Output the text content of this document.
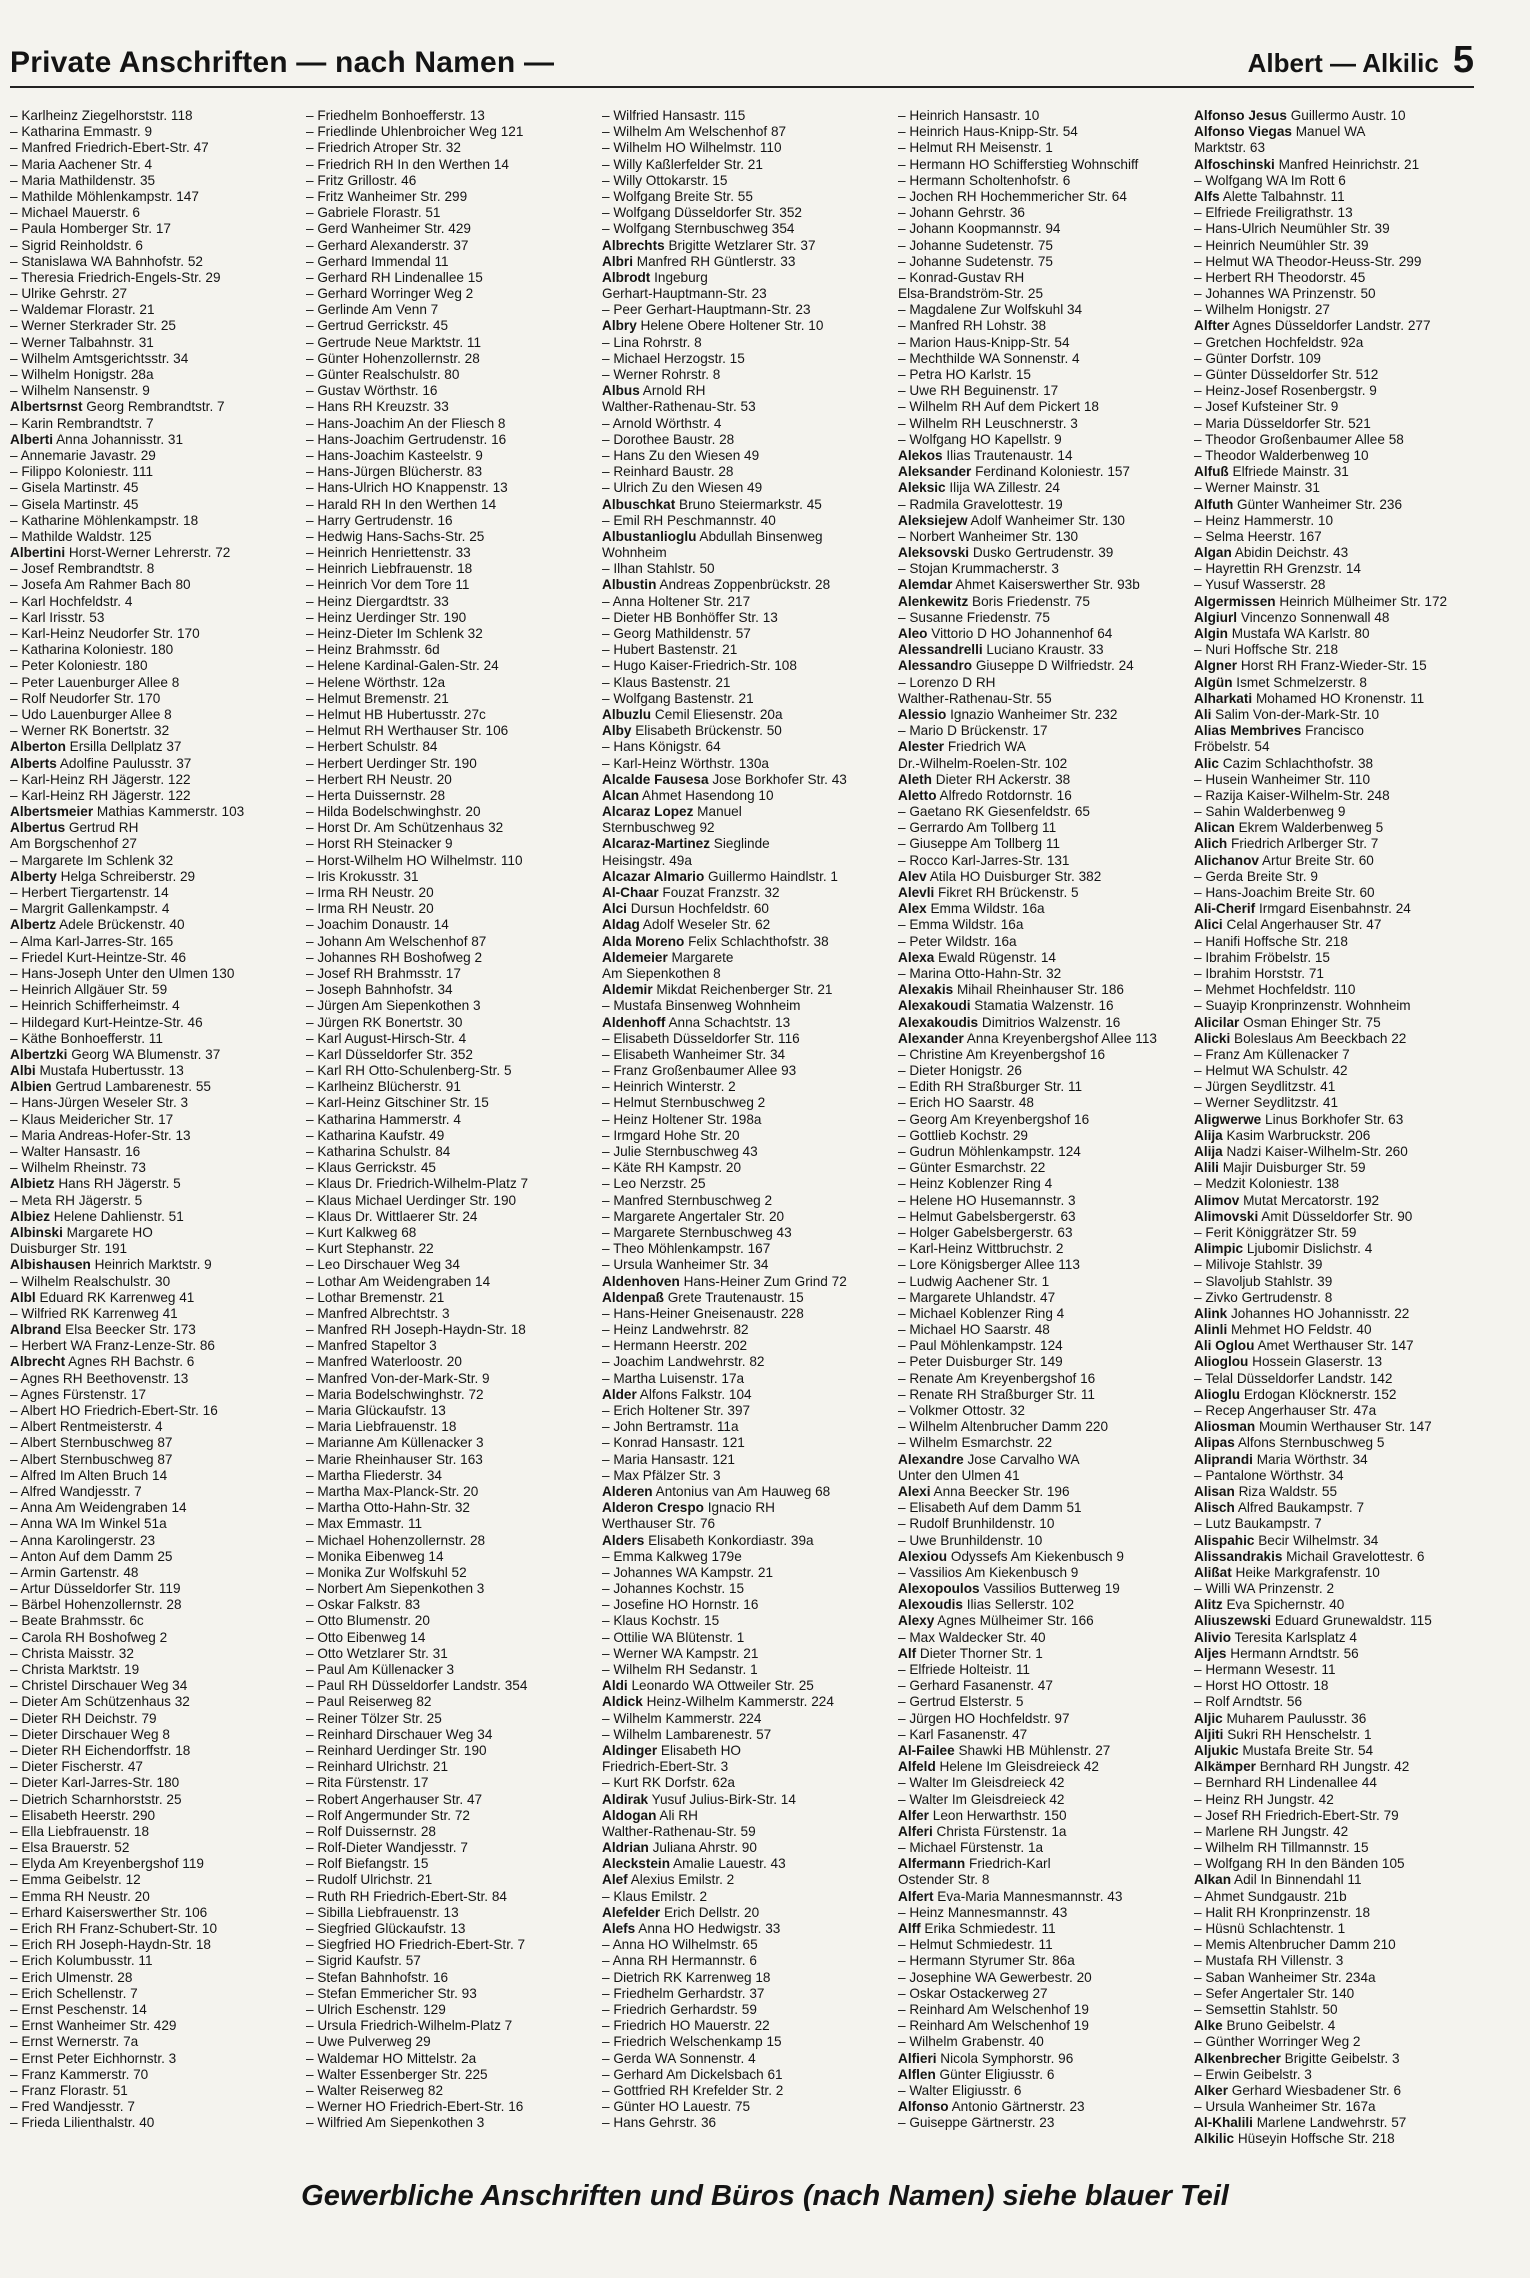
Private Anschriften — nach Namen —	Albert — Alkilic 5
– Karlheinz Ziegelhorststr. 118
– Katharina Emmastr. 9
– Manfred Friedrich-Ebert-Str. 47
– Maria Aachener Str. 4
– Maria Mathildenstr. 35
– Mathilde Möhlenkampstr. 147
– Michael Mauerstr. 6
– Paula Homberger Str. 17
– Sigrid Reinholdstr. 6
– Stanislawa WA Bahnhofstr. 52
– Theresia Friedrich-Engels-Str. 29
– Ulrike Gehrstr. 27
– Waldemar Florastr. 21
– Werner Sterkrader Str. 25
– Werner Talbahnstr. 31
– Wilhelm Amtsgerichtsstr. 34
– Wilhelm Honigstr. 28a
– Wilhelm Nansenstr. 9
Albertsrnst Georg Rembrandtstr. 7
– Karin Rembrandtstr. 7
Alberti Anna Johannisstr. 31
– Annemarie Javastr. 29
– Filippo Koloniestr. 111
– Gisela Martinstr. 45
– Gisela Martinstr. 45
– Katharine Möhlenkampstr. 18
– Mathilde Waldstr. 125
Albertini Horst-Werner Lehrerstr. 72
– Josef Rembrandtstr. 8
– Josefa Am Rahmer Bach 80
– Karl Hochfeldstr. 4
– Karl Irisstr. 53
– Karl-Heinz Neudorfer Str. 170
– Katharina Koloniestr. 180
– Peter Koloniestr. 180
– Peter Lauenburger Allee 8
– Rolf Neudorfer Str. 170
– Udo Lauenburger Allee 8
– Werner RK Bonertstr. 32
Alberton Ersilla Dellplatz 37
Alberts Adolfine Paulusstr. 37
– Karl-Heinz RH Jägerstr. 122
– Karl-Heinz RH Jägerstr. 122
Albertsmeier Mathias Kammerstr. 103
Albertus Gertrud RH
Am Borgschenhof 27
– Margarete Im Schlenk 32
Alberty Helga Schreiberstr. 29
– Herbert Tiergartenstr. 14
– Margrit Gallenkampstr. 4
Albertz Adele Brückenstr. 40
– Alma Karl-Jarres-Str. 165
– Friedel Kurt-Heintze-Str. 46
– Hans-Joseph Unter den Ulmen 130
– Heinrich Allgäuer Str. 59
– Heinrich Schifferheimstr. 4
– Hildegard Kurt-Heintze-Str. 46
– Käthe Bonhoefferstr. 11
Albertzki Georg WA Blumenstr. 37
Albi Mustafa Hubertusstr. 13
Albien Gertrud Lambarenestr. 55
– Hans-Jürgen Weseler Str. 3
– Klaus Meidericher Str. 17
– Maria Andreas-Hofer-Str. 13
– Walter Hansastr. 16
– Wilhelm Rheinstr. 73
Albietz Hans RH Jägerstr. 5
– Meta RH Jägerstr. 5
Albiez Helene Dahlienstr. 51
Albinski Margarete HO
Duisburger Str. 191
Albishausen Heinrich Marktstr. 9
– Wilhelm Realschulstr. 30
Albl Eduard RK Karrenweg 41
– Wilfried RK Karrenweg 41
Albrand Elsa Beecker Str. 173
– Herbert WA Franz-Lenze-Str. 86
Albrecht Agnes RH Bachstr. 6
– Agnes RH Beethovenstr. 13
– Agnes Fürstenstr. 17
– Albert HO Friedrich-Ebert-Str. 16
– Albert Rentmeisterstr. 4
– Albert Sternbuschweg 87
– Albert Sternbuschweg 87
– Alfred Im Alten Bruch 14
– Alfred Wandjesstr. 7
– Anna Am Weidengraben 14
– Anna WA Im Winkel 51a
– Anna Karolingerstr. 23
– Anton Auf dem Damm 25
– Armin Gartenstr. 48
– Artur Düsseldorfer Str. 119
– Bärbel Hohenzollernstr. 28
– Beate Brahmsstr. 6c
– Carola RH Boshofweg 2
– Christa Maisstr. 32
– Christa Marktstr. 19
– Christel Dirschauer Weg 34
– Dieter Am Schützenhaus 32
– Dieter RH Deichstr. 79
– Dieter Dirschauer Weg 8
– Dieter RH Eichendorffstr. 18
– Dieter Fischerstr. 47
– Dieter Karl-Jarres-Str. 180
– Dietrich Scharnhorststr. 25
– Elisabeth Heerstr. 290
– Ella Liebfrauenstr. 18
– Elsa Brauerstr. 52
– Elyda Am Kreyenbergshof 119
– Emma Geibelstr. 12
– Emma RH Neustr. 20
– Erhard Kaiserswerther Str. 106
– Erich RH Franz-Schubert-Str. 10
– Erich RH Joseph-Haydn-Str. 18
– Erich Kolumbusstr. 11
– Erich Ulmenstr. 28
– Erich Schellenstr. 7
– Ernst Peschenstr. 14
– Ernst Wanheimer Str. 429
– Ernst Wernerstr. 7a
– Ernst Peter Eichhornstr. 3
– Franz Kammerstr. 70
– Franz Florastr. 51
– Fred Wandjesstr. 7
– Frieda Lilienthalstr. 40
– Friedhelm Bonhoefferstr. 13
– Friedlinde Uhlenbroicher Weg 121
– Friedrich Atroper Str. 32
– Friedrich RH In den Werthen 14
– Fritz Grillostr. 46
– Fritz Wanheimer Str. 299
– Gabriele Florastr. 51
– Gerd Wanheimer Str. 429
– Gerhard Alexanderstr. 37
– Gerhard Immendal 11
– Gerhard RH Lindenallee 15
– Gerhard Worringer Weg 2
– Gerlinde Am Venn 7
– Gertrud Gerrickstr. 45
– Gertrude Neue Marktstr. 11
– Günter Hohenzollernstr. 28
– Günter Realschulstr. 80
– Gustav Wörthstr. 16
– Hans RH Kreuzstr. 33
– Hans-Joachim An der Fliesch 8
– Hans-Joachim Gertrudenstr. 16
– Hans-Joachim Kasteelstr. 9
– Hans-Jürgen Blücherstr. 83
– Hans-Ulrich HO Knappenstr. 13
– Harald RH In den Werthen 14
– Harry Gertrudenstr. 16
– Hedwig Hans-Sachs-Str. 25
– Heinrich Henriettenstr. 33
– Heinrich Liebfrauenstr. 18
– Heinrich Vor dem Tore 11
– Heinz Diergardtstr. 33
– Heinz Uerdinger Str. 190
– Heinz-Dieter Im Schlenk 32
– Heinz Brahmsstr. 6d
– Helene Kardinal-Galen-Str. 24
– Helene Wörthstr. 12a
– Helmut Bremenstr. 21
– Helmut HB Hubertusstr. 27c
– Helmut RH Werthauser Str. 106
– Herbert Schulstr. 84
– Herbert Uerdinger Str. 190
– Herbert RH Neustr. 20
– Herta Duissernstr. 28
– Hilda Bodelschwinghstr. 20
– Horst Dr. Am Schützenhaus 32
– Horst RH Steinacker 9
– Horst-Wilhelm HO Wilhelmstr. 110
– Iris Krokusstr. 31
– Irma RH Neustr. 20
– Irma RH Neustr. 20
– Joachim Donaustr. 14
– Johann Am Welschenhof 87
– Johannes RH Boshofweg 2
– Josef RH Brahmsstr. 17
– Joseph Bahnhofstr. 34
– Jürgen Am Siepenkothen 3
– Jürgen RK Bonertstr. 30
– Karl August-Hirsch-Str. 4
– Karl Düsseldorfer Str. 352
– Karl RH Otto-Schulenberg-Str. 5
– Karlheinz Blücherstr. 91
– Karl-Heinz Gitschiner Str. 15
– Katharina Hammerstr. 4
– Katharina Kaufstr. 49
– Katharina Schulstr. 84
– Klaus Gerrickstr. 45
– Klaus Dr. Friedrich-Wilhelm-Platz 7
– Klaus Michael Uerdinger Str. 190
– Klaus Dr. Wittlaerer Str. 24
– Kurt Kalkweg 68
– Kurt Stephanstr. 22
– Leo Dirschauer Weg 34
– Lothar Am Weidengraben 14
– Lothar Bremenstr. 21
– Manfred Albrechtstr. 3
– Manfred RH Joseph-Haydn-Str. 18
– Manfred Stapeltor 3
– Manfred Waterloostr. 20
– Manfred Von-der-Mark-Str. 9
– Maria Bodelschwinghstr. 72
– Maria Glückaufstr. 13
– Maria Liebfrauenstr. 18
– Marianne Am Küllenacker 3
– Marie Rheinhauser Str. 163
– Martha Fliederstr. 34
– Martha Max-Planck-Str. 20
– Martha Otto-Hahn-Str. 32
– Max Emmastr. 11
– Michael Hohenzollernstr. 28
– Monika Eibenweg 14
– Monika Zur Wolfskuhl 52
– Norbert Am Siepenkothen 3
– Oskar Falkstr. 83
– Otto Blumenstr. 20
– Otto Eibenweg 14
– Otto Wetzlarer Str. 31
– Paul Am Küllenacker 3
– Paul RH Düsseldorfer Landstr. 354
– Paul Reiserweg 82
– Reiner Tölzer Str. 25
– Reinhard Dirschauer Weg 34
– Reinhard Uerdinger Str. 190
– Reinhard Ulrichstr. 21
– Rita Fürstenstr. 17
– Robert Angerhauser Str. 47
– Rolf Angermunder Str. 72
– Rolf Duissernstr. 28
– Rolf-Dieter Wandjesstr. 7
– Rolf Biefangstr. 15
– Rudolf Ulrichstr. 21
– Ruth RH Friedrich-Ebert-Str. 84
– Sibilla Liebfrauenstr. 13
– Siegfried Glückaufstr. 13
– Siegfried HO Friedrich-Ebert-Str. 7
– Sigrid Kaufstr. 57
– Stefan Bahnhofstr. 16
– Stefan Emmericher Str. 93
– Ulrich Eschenstr. 129
– Ursula Friedrich-Wilhelm-Platz 7
– Uwe Pulverweg 29
– Waldemar HO Mittelstr. 2a
– Walter Essenberger Str. 225
– Walter Reiserweg 82
– Werner HO Friedrich-Ebert-Str. 16
– Wilfried Am Siepenkothen 3
– Wilfried Hansastr. 115
– Wilhelm Am Welschenhof 87
– Wilhelm HO Wilhelmstr. 110
– Willy Kaßlerfelder Str. 21
– Willy Ottokarstr. 15
– Wolfgang Breite Str. 55
– Wolfgang Düsseldorfer Str. 352
– Wolfgang Sternbuschweg 354
Albrechts Brigitte Wetzlarer Str. 37
Albri Manfred RH Güntlerstr. 33
Albrodt Ingeburg
Gerhart-Hauptmann-Str. 23
– Peer Gerhart-Hauptmann-Str. 23
Albry Helene Obere Holtener Str. 10
– Lina Rohrstr. 8
– Michael Herzogstr. 15
– Werner Rohrstr. 8
Albus Arnold RH
Walther-Rathenau-Str. 53
– Arnold Wörthstr. 4
– Dorothee Baustr. 28
– Hans Zu den Wiesen 49
– Reinhard Baustr. 28
– Ulrich Zu den Wiesen 49
Albuschkat Bruno Steiermarkstr. 45
– Emil RH Peschmannstr. 40
Albustanlioglu Abdullah Binsenweg
Wohnheim
– Ilhan Stahlstr. 50
Albustin Andreas Zoppenbrückstr. 28
– Anna Holtener Str. 217
– Dieter HB Bonhöffer Str. 13
– Georg Mathildenstr. 57
– Hubert Bastenstr. 21
– Hugo Kaiser-Friedrich-Str. 108
– Klaus Bastenstr. 21
– Wolfgang Bastenstr. 21
Albuzlu Cemil Eliesenstr. 20a
Alby Elisabeth Brückenstr. 50
– Hans Königstr. 64
– Karl-Heinz Wörthstr. 130a
Alcalde Fausesa Jose Borkhofer Str. 43
Alcan Ahmet Hasendong 10
Alcaraz Lopez Manuel
Sternbuschweg 92
Alcaraz-Martinez Sieglinde
Heisingstr. 49a
Alcazar Almario Guillermo Haindlstr. 1
Al-Chaar Fouzat Franzstr. 32
Alci Dursun Hochfeldstr. 60
Aldag Adolf Weseler Str. 62
Alda Moreno Felix Schlachthofstr. 38
Aldemeier Margarete
Am Siepenkothen 8
Aldemir Mikdat Reichenberger Str. 21
– Mustafa Binsenweg Wohnheim
Aldenhoff Anna Schachtstr. 13
– Elisabeth Düsseldorfer Str. 116
– Elisabeth Wanheimer Str. 34
– Franz Großenbaumer Allee 93
– Heinrich Winterstr. 2
– Helmut Sternbuschweg 2
– Heinz Holtener Str. 198a
– Irmgard Hohe Str. 20
– Julie Sternbuschweg 43
– Käte RH Kampstr. 20
– Leo Nerzstr. 25
– Manfred Sternbuschweg 2
– Margarete Angertaler Str. 20
– Margarete Sternbuschweg 43
– Theo Möhlenkampstr. 167
– Ursula Wanheimer Str. 34
Aldenhoven Hans-Heiner Zum Grind 72
Aldenpaß Grete Trautenaustr. 15
– Hans-Heiner Gneisenaustr. 228
– Heinz Landwehrstr. 82
– Hermann Heerstr. 202
– Joachim Landwehrstr. 82
– Martha Luisenstr. 17a
Alder Alfons Falkstr. 104
– Erich Holtener Str. 397
– John Bertramstr. 11a
– Konrad Hansastr. 121
– Maria Hansastr. 121
– Max Pfälzer Str. 3
Alderen Antonius van Am Hauweg 68
Alderon Crespo Ignacio RH
Werthauser Str. 76
Alders Elisabeth Konkordiastr. 39a
– Emma Kalkweg 179e
– Johannes WA Kampstr. 21
– Johannes Kochstr. 15
– Josefine HO Hornstr. 16
– Klaus Kochstr. 15
– Ottilie WA Blütenstr. 1
– Werner WA Kampstr. 21
– Wilhelm RH Sedanstr. 1
Aldi Leonardo WA Ottweiler Str. 25
Aldick Heinz-Wilhelm Kammerstr. 224
– Wilhelm Kammerstr. 224
– Wilhelm Lambarenestr. 57
Aldinger Elisabeth HO
Friedrich-Ebert-Str. 3
– Kurt RK Dorfstr. 62a
Aldirak Yusuf Julius-Birk-Str. 14
Aldogan Ali RH
Walther-Rathenau-Str. 59
Aldrian Juliana Ahrstr. 90
Aleckstein Amalie Lauestr. 43
Alef Alexius Emilstr. 2
– Klaus Emilstr. 2
Alefelder Erich Dellstr. 20
Alefs Anna HO Hedwigstr. 33
– Anna HO Wilhelmstr. 65
– Anna RH Hermannstr. 6
– Dietrich RK Karrenweg 18
– Friedhelm Gerhardstr. 37
– Friedrich Gerhardstr. 59
– Friedrich HO Mauerstr. 22
– Friedrich Welschenkamp 15
– Gerda WA Sonnenstr. 4
– Gerhard Am Dickelsbach 61
– Gottfried RH Krefelder Str. 2
– Günter HO Lauestr. 75
– Hans Gehrstr. 36
– Heinrich Hansastr. 10
– Heinrich Haus-Knipp-Str. 54
– Helmut RH Meisenstr. 1
– Hermann HO Schifferstieg Wohnschiff
– Hermann Scholtenhofstr. 6
– Jochen RH Hochemmericher Str. 64
– Johann Gehrstr. 36
– Johann Koopmannstr. 94
– Johanne Sudetenstr. 75
– Johanne Sudetenstr. 75
– Konrad-Gustav RH
Elsa-Brandström-Str. 25
– Magdalene Zur Wolfskuhl 34
– Manfred RH Lohstr. 38
– Marion Haus-Knipp-Str. 54
– Mechthilde WA Sonnenstr. 4
– Petra HO Karlstr. 15
– Uwe RH Beguinenstr. 17
– Wilhelm RH Auf dem Pickert 18
– Wilhelm RH Leuschnerstr. 3
– Wolfgang HO Kapellstr. 9
Alekos Ilias Trautenaustr. 14
Aleksander Ferdinand Koloniestr. 157
Aleksic Ilija WA Zillestr. 24
– Radmila Gravelottestr. 19
Aleksiejew Adolf Wanheimer Str. 130
– Norbert Wanheimer Str. 130
Aleksovski Dusko Gertrudenstr. 39
– Stojan Krummacherstr. 3
Alemdar Ahmet Kaiserswerther Str. 93b
Alenkewitz Boris Friedenstr. 75
– Susanne Friedenstr. 75
Aleo Vittorio D HO Johannenhof 64
Alessandrelli Luciano Kraustr. 33
Alessandro Giuseppe D Wilfriedstr. 24
– Lorenzo D RH
Walther-Rathenau-Str. 55
Alessio Ignazio Wanheimer Str. 232
– Mario D Brückenstr. 17
Alester Friedrich WA
Dr.-Wilhelm-Roelen-Str. 102
Aleth Dieter RH Ackerstr. 38
Aletto Alfredo Rotdornstr. 16
– Gaetano RK Giesenfeldstr. 65
– Gerrardo Am Tollberg 11
– Giuseppe Am Tollberg 11
– Rocco Karl-Jarres-Str. 131
Alev Atila HO Duisburger Str. 382
Alevli Fikret RH Brückenstr. 5
Alex Emma Wildstr. 16a
– Emma Wildstr. 16a
– Peter Wildstr. 16a
Alexa Ewald Rügenstr. 14
– Marina Otto-Hahn-Str. 32
Alexakis Mihail Rheinhauser Str. 186
Alexakoudi Stamatia Walzenstr. 16
Alexakoudis Dimitrios Walzenstr. 16
Alexander Anna Kreyenbergshof Allee 113
– Christine Am Kreyenbergshof 16
– Dieter Honigstr. 26
– Edith RH Straßburger Str. 11
– Erich HO Saarstr. 48
– Georg Am Kreyenbergshof 16
– Gottlieb Kochstr. 29
– Gudrun Möhlenkampstr. 124
– Günter Esmarchstr. 22
– Heinz Koblenzer Ring 4
– Helene HO Husemannstr. 3
– Helmut Gabelsbergerstr. 63
– Holger Gabelsbergerstr. 63
– Karl-Heinz Wittbruchstr. 2
– Lore Königsberger Allee 113
– Ludwig Aachener Str. 1
– Margarete Uhlandstr. 47
– Michael Koblenzer Ring 4
– Michael HO Saarstr. 48
– Paul Möhlenkampstr. 124
– Peter Duisburger Str. 149
– Renate Am Kreyenbergshof 16
– Renate RH Straßburger Str. 11
– Volkmer Ottostr. 32
– Wilhelm Altenbrucher Damm 220
– Wilhelm Esmarchstr. 22
Alexandre Jose Carvalho WA
Unter den Ulmen 41
Alexi Anna Beecker Str. 196
– Elisabeth Auf dem Damm 51
– Rudolf Brunhildenstr. 10
– Uwe Brunhildenstr. 10
Alexiou Odyssefs Am Kiekenbusch 9
– Vassilios Am Kiekenbusch 9
Alexopoulos Vassilios Butterweg 19
Alexoudis Ilias Sellerstr. 102
Alexy Agnes Mülheimer Str. 166
– Max Waldecker Str. 40
Alf Dieter Thorner Str. 1
– Elfriede Holteistr. 11
– Gerhard Fasanenstr. 47
– Gertrud Elsterstr. 5
– Jürgen HO Hochfeldstr. 97
– Karl Fasanenstr. 47
Al-Failee Shawki HB Mühlenstr. 27
Alfeld Helene Im Gleisdreieck 42
– Walter Im Gleisdreieck 42
– Walter Im Gleisdreieck 42
Alfer Leon Herwarthstr. 150
Alferi Christa Fürstenstr. 1a
– Michael Fürstenstr. 1a
Alfermann Friedrich-Karl
Ostender Str. 8
Alfert Eva-Maria Mannesmannstr. 43
– Heinz Mannesmannstr. 43
Alff Erika Schmiedestr. 11
– Helmut Schmiedestr. 11
– Hermann Styrumer Str. 86a
– Josephine WA Gewerbestr. 20
– Oskar Ostackerweg 27
– Reinhard Am Welschenhof 19
– Reinhard Am Welschenhof 19
– Wilhelm Grabenstr. 40
Alfieri Nicola Symphorstr. 96
Alflen Günter Eligiusstr. 6
– Walter Eligiusstr. 6
Alfonso Antonio Gärtnerstr. 23
– Guiseppe Gärtnerstr. 23
Alfonso Jesus Guillermo Austr. 10
Alfonso Viegas Manuel WA
Marktstr. 63
Alfoschinski Manfred Heinrichstr. 21
– Wolfgang WA Im Rott 6
Alfs Alette Talbahnstr. 11
– Elfriede Freiligrathstr. 13
– Hans-Ulrich Neumühler Str. 39
– Heinrich Neumühler Str. 39
– Helmut WA Theodor-Heuss-Str. 299
– Herbert RH Theodorstr. 45
– Johannes WA Prinzenstr. 50
– Wilhelm Honigstr. 27
Alfter Agnes Düsseldorfer Landstr. 277
– Gretchen Hochfeldstr. 92a
– Günter Dorfstr. 109
– Günter Düsseldorfer Str. 512
– Heinz-Josef Rosenbergstr. 9
– Josef Kufsteiner Str. 9
– Maria Düsseldorfer Str. 521
– Theodor Großenbaumer Allee 58
– Theodor Walderbenweg 10
Alfuß Elfriede Mainstr. 31
– Werner Mainstr. 31
Alfuth Günter Wanheimer Str. 236
– Heinz Hammerstr. 10
– Selma Heerstr. 167
Algan Abidin Deichstr. 43
– Hayrettin RH Grenzstr. 14
– Yusuf Wasserstr. 28
Algermissen Heinrich Mülheimer Str. 172
Algiurl Vincenzo Sonnenwall 48
Algin Mustafa WA Karlstr. 80
– Nuri Hoffsche Str. 218
Algner Horst RH Franz-Wieder-Str. 15
Algün Ismet Schmelzerstr. 8
Alharkati Mohamed HO Kronenstr. 11
Ali Salim Von-der-Mark-Str. 10
Alias Membrives Francisco
Fröbelstr. 54
Alic Cazim Schlachthofstr. 38
– Husein Wanheimer Str. 110
– Razija Kaiser-Wilhelm-Str. 248
– Sahin Walderbenweg 9
Alican Ekrem Walderbenweg 5
Alich Friedrich Arlberger Str. 7
Alichanov Artur Breite Str. 60
– Gerda Breite Str. 9
– Hans-Joachim Breite Str. 60
Ali-Cherif Irmgard Eisenbahnstr. 24
Alici Celal Angerhauser Str. 47
– Hanifi Hoffsche Str. 218
– Ibrahim Fröbelstr. 15
– Ibrahim Horststr. 71
– Mehmet Hochfeldstr. 110
– Suayip Kronprinzenstr. Wohnheim
Alicilar Osman Ehinger Str. 75
Alicki Boleslaus Am Beeckbach 22
– Franz Am Küllenacker 7
– Helmut WA Schulstr. 42
– Jürgen Seydlitzstr. 41
– Werner Seydlitzstr. 41
Aligwerwe Linus Borkhofer Str. 63
Alija Kasim Warbruckstr. 206
Alija Nadzi Kaiser-Wilhelm-Str. 260
Alili Majir Duisburger Str. 59
– Medzit Koloniestr. 138
Alimov Mutat Mercatorstr. 192
Alimovski Amit Düsseldorfer Str. 90
– Ferit Königgrätzer Str. 59
Alimpic Ljubomir Dislichstr. 4
– Milivoje Stahlstr. 39
– Slavoljub Stahlstr. 39
– Zivko Gertrudenstr. 8
Alink Johannes HO Johannisstr. 22
Alinli Mehmet HO Feldstr. 40
Ali Oglou Amet Werthauser Str. 147
Alioglou Hossein Glaserstr. 13
– Telal Düsseldorfer Landstr. 142
Alioglu Erdogan Klöcknerstr. 152
– Recep Angerhauser Str. 47a
Aliosman Moumin Werthauser Str. 147
Alipas Alfons Sternbuschweg 5
Aliprandi Maria Wörthstr. 34
– Pantalone Wörthstr. 34
Alisan Riza Waldstr. 55
Alisch Alfred Baukampstr. 7
– Lutz Baukampstr. 7
Alispahic Becir Wilhelmstr. 34
Alissandrakis Michail Gravelottestr. 6
Alißat Heike Markgrafenstr. 10
– Willi WA Prinzenstr. 2
Alitz Eva Spichernstr. 40
Aliuszewski Eduard Grunewaldstr. 115
Alivio Teresita Karlsplatz 4
Aljes Hermann Arndtstr. 56
– Hermann Wesestr. 11
– Horst HO Ottostr. 18
– Rolf Arndtstr. 56
Aljic Muharem Paulusstr. 36
Aljiti Sukri RH Henschelstr. 1
Aljukic Mustafa Breite Str. 54
Alkämper Bernhard RH Jungstr. 42
– Bernhard RH Lindenallee 44
– Heinz RH Jungstr. 42
– Josef RH Friedrich-Ebert-Str. 79
– Marlene RH Jungstr. 42
– Wilhelm RH Tillmannstr. 15
– Wolfgang RH In den Bänden 105
Alkan Adil In Binnendahl 11
– Ahmet Sundgaustr. 21b
– Halit RH Kronprinzenstr. 18
– Hüsnü Schlachtenstr. 1
– Memis Altenbrucher Damm 210
– Mustafa RH Villenstr. 3
– Saban Wanheimer Str. 234a
– Sefer Angertaler Str. 140
– Semsettin Stahlstr. 50
Alke Bruno Geibelstr. 4
– Günther Worringer Weg 2
Alkenbrecher Brigitte Geibelstr. 3
– Erwin Geibelstr. 3
Alker Gerhard Wiesbadener Str. 6
– Ursula Wanheimer Str. 167a
Al-Khalili Marlene Landwehrstr. 57
Alkilic Hüseyin Hoffsche Str. 218
Gewerbliche Anschriften und Büros (nach Namen) siehe blauer Teil
